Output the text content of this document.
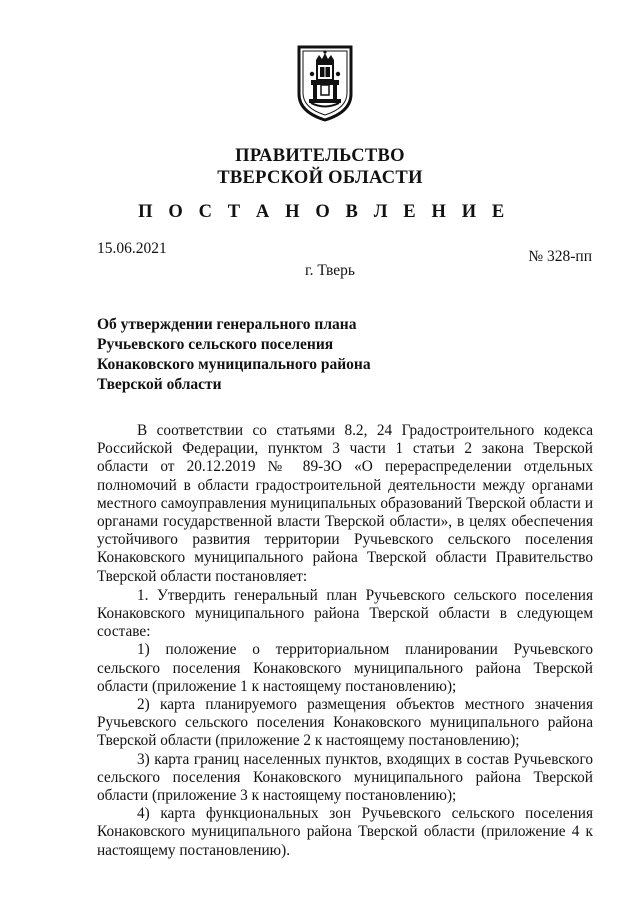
ПРАВИТЕЛЬСТВО
ТВЕРСКОЙ ОБЛАСТИ
П О С Т А Н О В Л Е Н И Е
15.06.2021	№ 328-пп
г. Тверь
Об утверждении генерального плана
Ручьевского сельского поселения
Конаковского муниципального района
Тверской области

В соответствии со статьями 8.2, 24 Градостроительного кодекса Российской Федерации, пунктом 3 части 1 статьи 2 закона Тверской области от 20.12.2019 № 89-ЗО «О перераспределении отдельных полномочий в области градостроительной деятельности между органами местного самоуправления муниципальных образований Тверской области и органами государственной власти Тверской области», в целях обеспечения устойчивого развития территории Ручьевского сельского поселения Конаковского муниципального района Тверской области Правительство Тверской области постановляет:

1. Утвердить генеральный план Ручьевского сельского поселения Конаковского муниципального района Тверской области в следующем составе:

1) положение о территориальном планировании Ручьевского сельского поселения Конаковского муниципального района Тверской области (приложение 1 к настоящему постановлению);

2) карта планируемого размещения объектов местного значения Ручьевского сельского поселения Конаковского муниципального района Тверской области (приложение 2 к настоящему постановлению);

3) карта границ населенных пунктов, входящих в состав Ручьевского сельского поселения Конаковского муниципального района Тверской области (приложение 3 к настоящему постановлению);

4) карта функциональных зон Ручьевского сельского поселения Конаковского муниципального района Тверской области (приложение 4 к настоящему постановлению).
